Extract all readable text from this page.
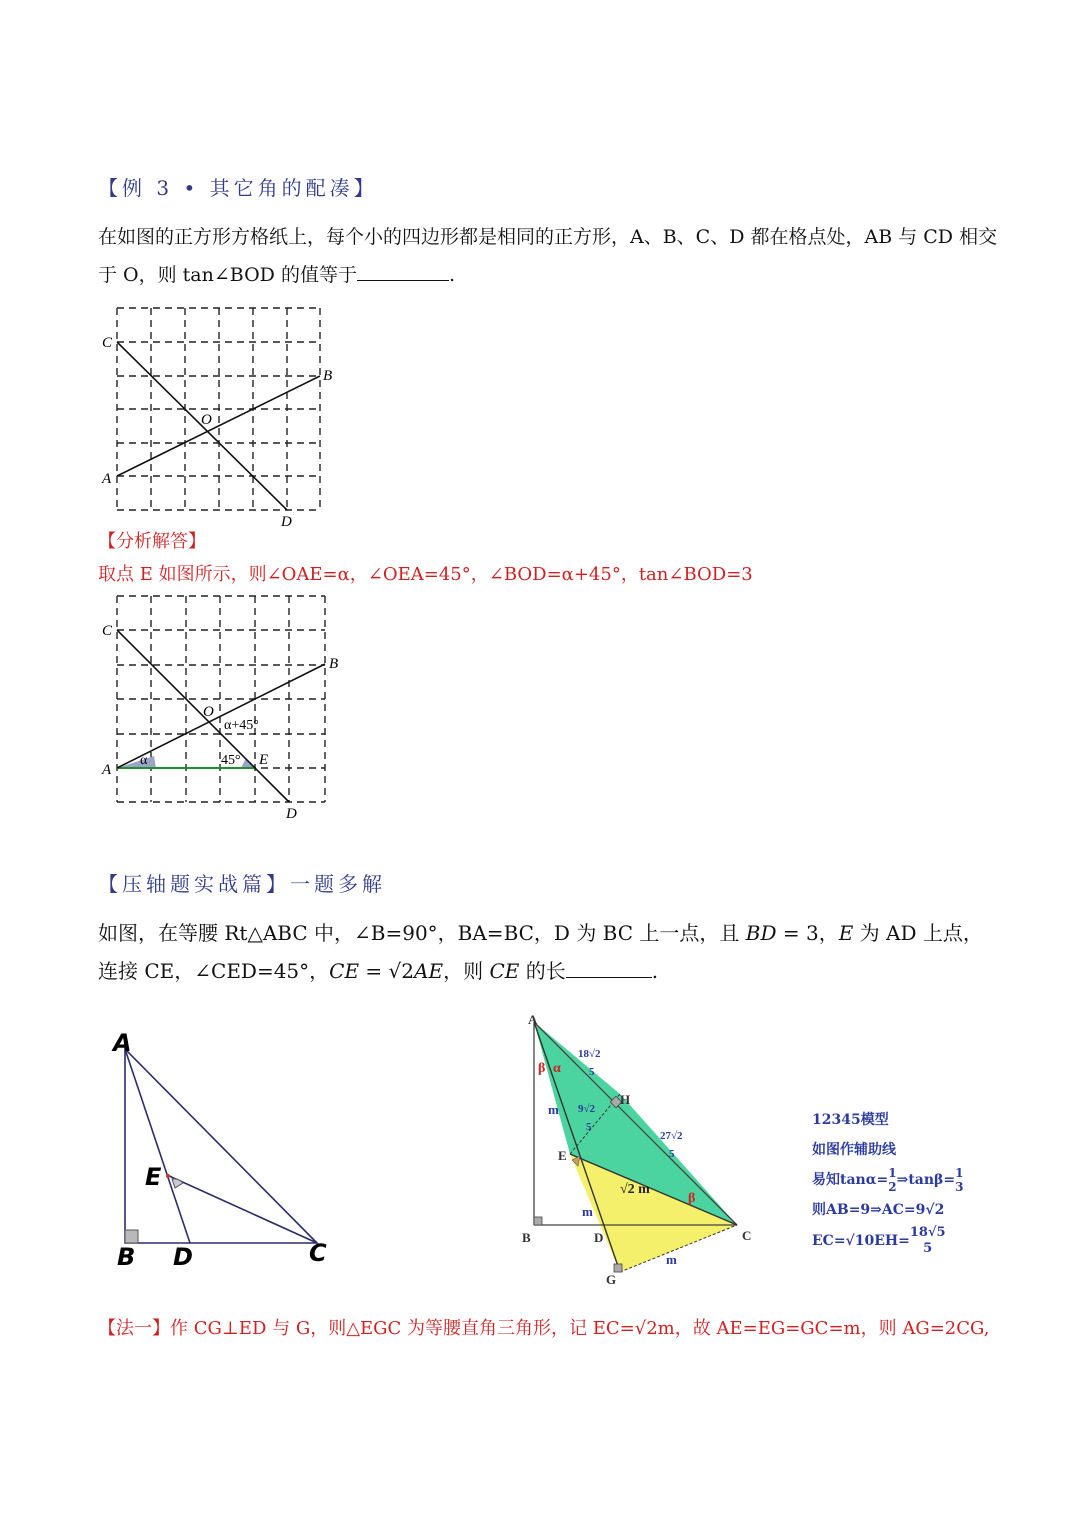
【例 3 • 其它角的配凑】
在如图的正方形方格纸上，每个小的四边形都是相同的正方形，A、B、C、D 都在格点处，AB 与 CD 相交
于 O，则 tan∠BOD 的值等于	.
C
B
A
D
O
【分析解答】
取点 E 如图所示，则∠OAE=α，∠OEA=45°，∠BOD=α+45°，tan∠BOD=3
C
B
A
D
O
E
α	45°
α+45°
【压轴题实战篇】一题多解
如图，在等腰 Rt△ABC 中，∠B=90°，BA=BC，D 为 BC 上一点，且 BD = 3，E 为 AD 上点，
连接 CE，∠CED=45°，CE = √2AE，则 CE 的长	.
A
B D	C
E
A
B	C
D
E
G
H
β α
β
18√2
5
9√2
5
27√2
5
m
m
m
√2 m
12345模型
如图作辅助线
易知tanα= 1
2 ⇒tanβ= 1
3
则AB=9⇒AC=9√2
EC=√10EH=
18√5
5
【法一】作 CG⊥ED 与 G，则△EGC 为等腰直角三角形，记 EC=√2m，故 AE=EG=GC=m，则 AG=2CG,
